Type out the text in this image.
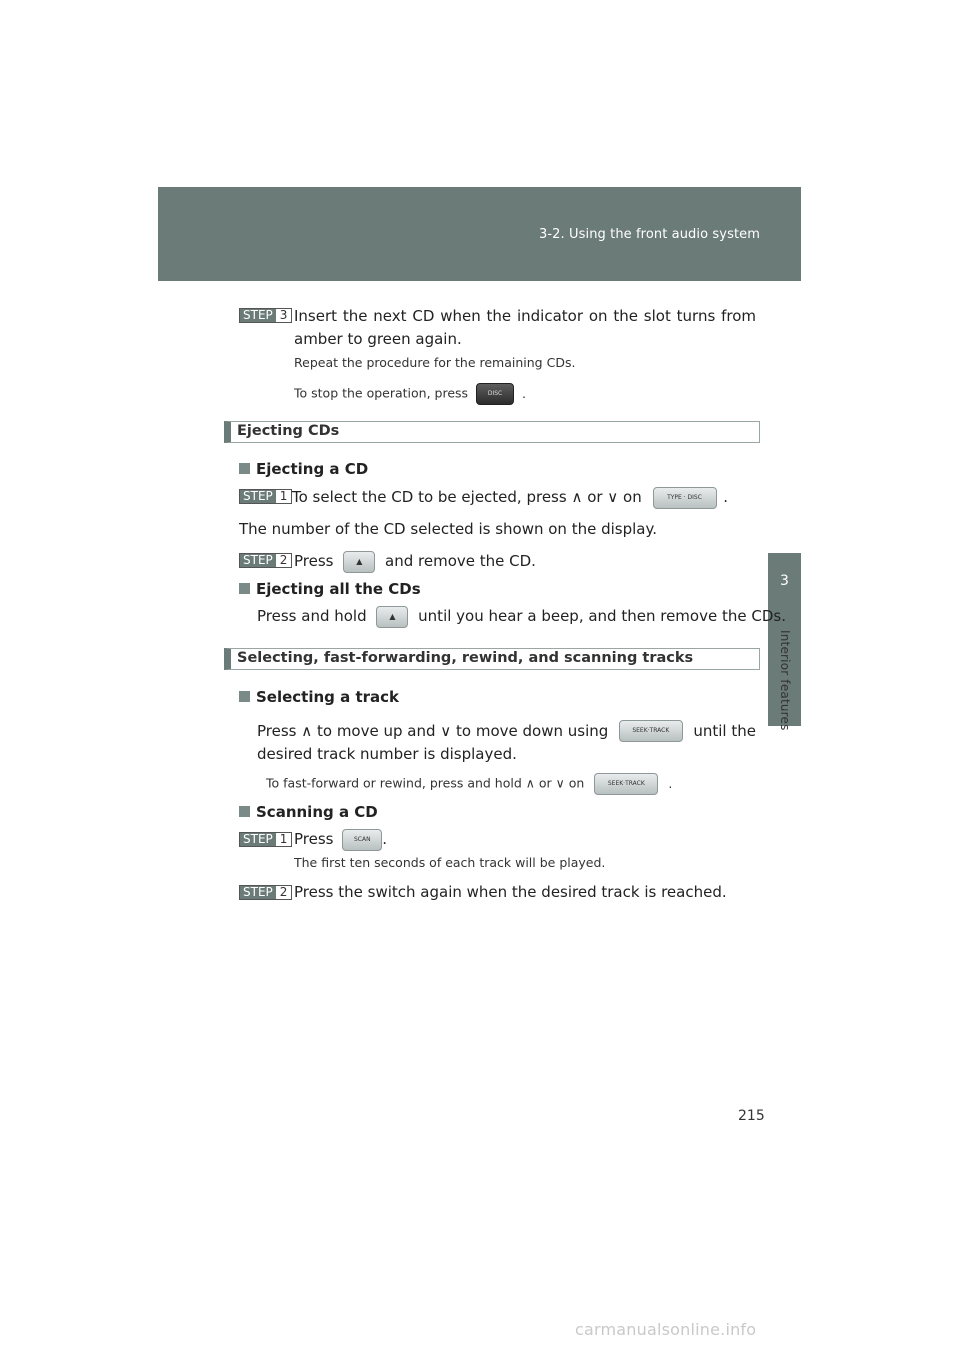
3-2. Using the front audio system
3
Interior features
STEP 3 Insert the next CD when the indicator on the slot turns from
amber to green again.
Repeat the procedure for the remaining CDs.
To stop the operation, press	DISC .
Ejecting CDs
Ejecting a CD
STEP 1 To select the CD to be ejected, press ∧ or ∨ on	TYPE · DISC .
The number of the CD selected is shown on the display.
STEP 2 Press	▲ and remove the CD.
Ejecting all the CDs
Press and hold	▲ until you hear a beep, and then remove the CDs.
Selecting, fast-forwarding, rewind, and scanning tracks
Selecting a track
Press ∧ to move up and ∨ to move down using	SEEK·TRACK	until the
desired track number is displayed.
To fast-forward or rewind, press and hold ∧ or ∨ on	SEEK·TRACK .
Scanning a CD
STEP 1 Press	SCAN .
The first ten seconds of each track will be played.
STEP 2 Press the switch again when the desired track is reached.
215
carmanualsonline.info
